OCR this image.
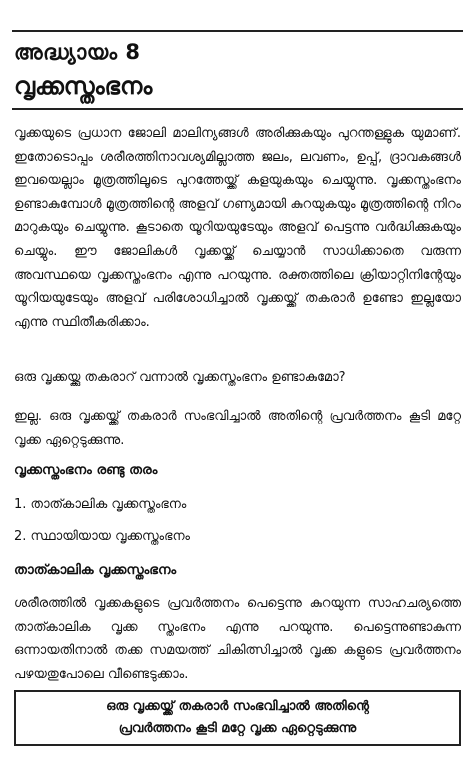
അദ്ധ്യായം 8
വൃക്കസ്തംഭനം

വൃക്കയുടെ പ്രധാന ജോലി മാലിന്യങ്ങൾ അരിക്കുകയും പുറന്തള്ളുക യുമാണ്. ഇതോടൊപ്പം ശരീരത്തിനാവശ്യമില്ലാത്ത ജലം, ലവണം, ഉപ്പ്, ദ്രാവകങ്ങൾ ഇവയെല്ലാം മൂത്രത്തിലൂടെ പുറത്തേയ്ക്ക് കളയുകയും ചെയ്യുന്നു. വൃക്കസ്തംഭനം ഉണ്ടാകുമ്പോൾ മൂത്രത്തിന്റെ അളവ് ഗണ്യമായി കുറയുകയും മൂത്രത്തിന്റെ നിറം മാറുകയും ചെയ്യുന്നു. കൂടാതെ യൂറിയയുടേയും അളവ് പെട്ടന്നു വർദ്ധിക്കുകയും ചെയ്യും. ഈ ജോലികൾ വൃക്കയ്ക്ക് ചെയ്യാൻ സാധിക്കാതെ വരുന്ന അവസ്ഥയെ വൃക്കസ്തംഭനം എന്നു പറയുന്നു. രക്തത്തിലെ ക്രിയാറ്റിനിന്റേയും യൂറിയയുടേയും അളവ് പരിശോധിച്ചാൽ വൃക്കയ്ക്ക് തകരാർ ഉണ്ടോ ഇല്ലയോ എന്നു സ്ഥിതീകരിക്കാം.

ഒരു വൃക്കയ്ക്കു തകരാറ് വന്നാൽ വൃക്കസ്തംഭനം ഉണ്ടാകുമോ?

ഇല്ല. ഒരു വൃക്കയ്ക്ക് തകരാർ സംഭവിച്ചാൽ അതിന്റെ പ്രവർത്തനം കൂടി മറ്റേ വൃക്ക ഏറ്റെടുക്കുന്നു.

വൃക്കസ്തംഭനം രണ്ടു തരം

1. താത്കാലിക വൃക്കസ്തംഭനം

2. സ്ഥായിയായ വൃക്കസ്തംഭനം

താത്കാലിക വൃക്കസ്തംഭനം

ശരീരത്തിൽ വൃക്കകളുടെ പ്രവർത്തനം പെട്ടെന്നു കുറയുന്ന സാഹചര്യത്തെ താത്കാലിക വൃക്ക സ്തംഭനം എന്നു പറയുന്നു. പെട്ടെന്നുണ്ടാകുന്ന ഒന്നായതിനാൽ തക്ക സമയത്ത് ചികിത്സിച്ചാൽ വൃക്ക കളുടെ പ്രവർത്തനം പഴയതുപോലെ വീണ്ടെടുക്കാം.

ഒരു വൃക്കയ്ക്ക് തകരാർ സംഭവിച്ചാൽ അതിന്റെ
പ്രവർത്തനം കൂടി മറ്റേ വൃക്ക ഏറ്റെടുക്കുന്നു
